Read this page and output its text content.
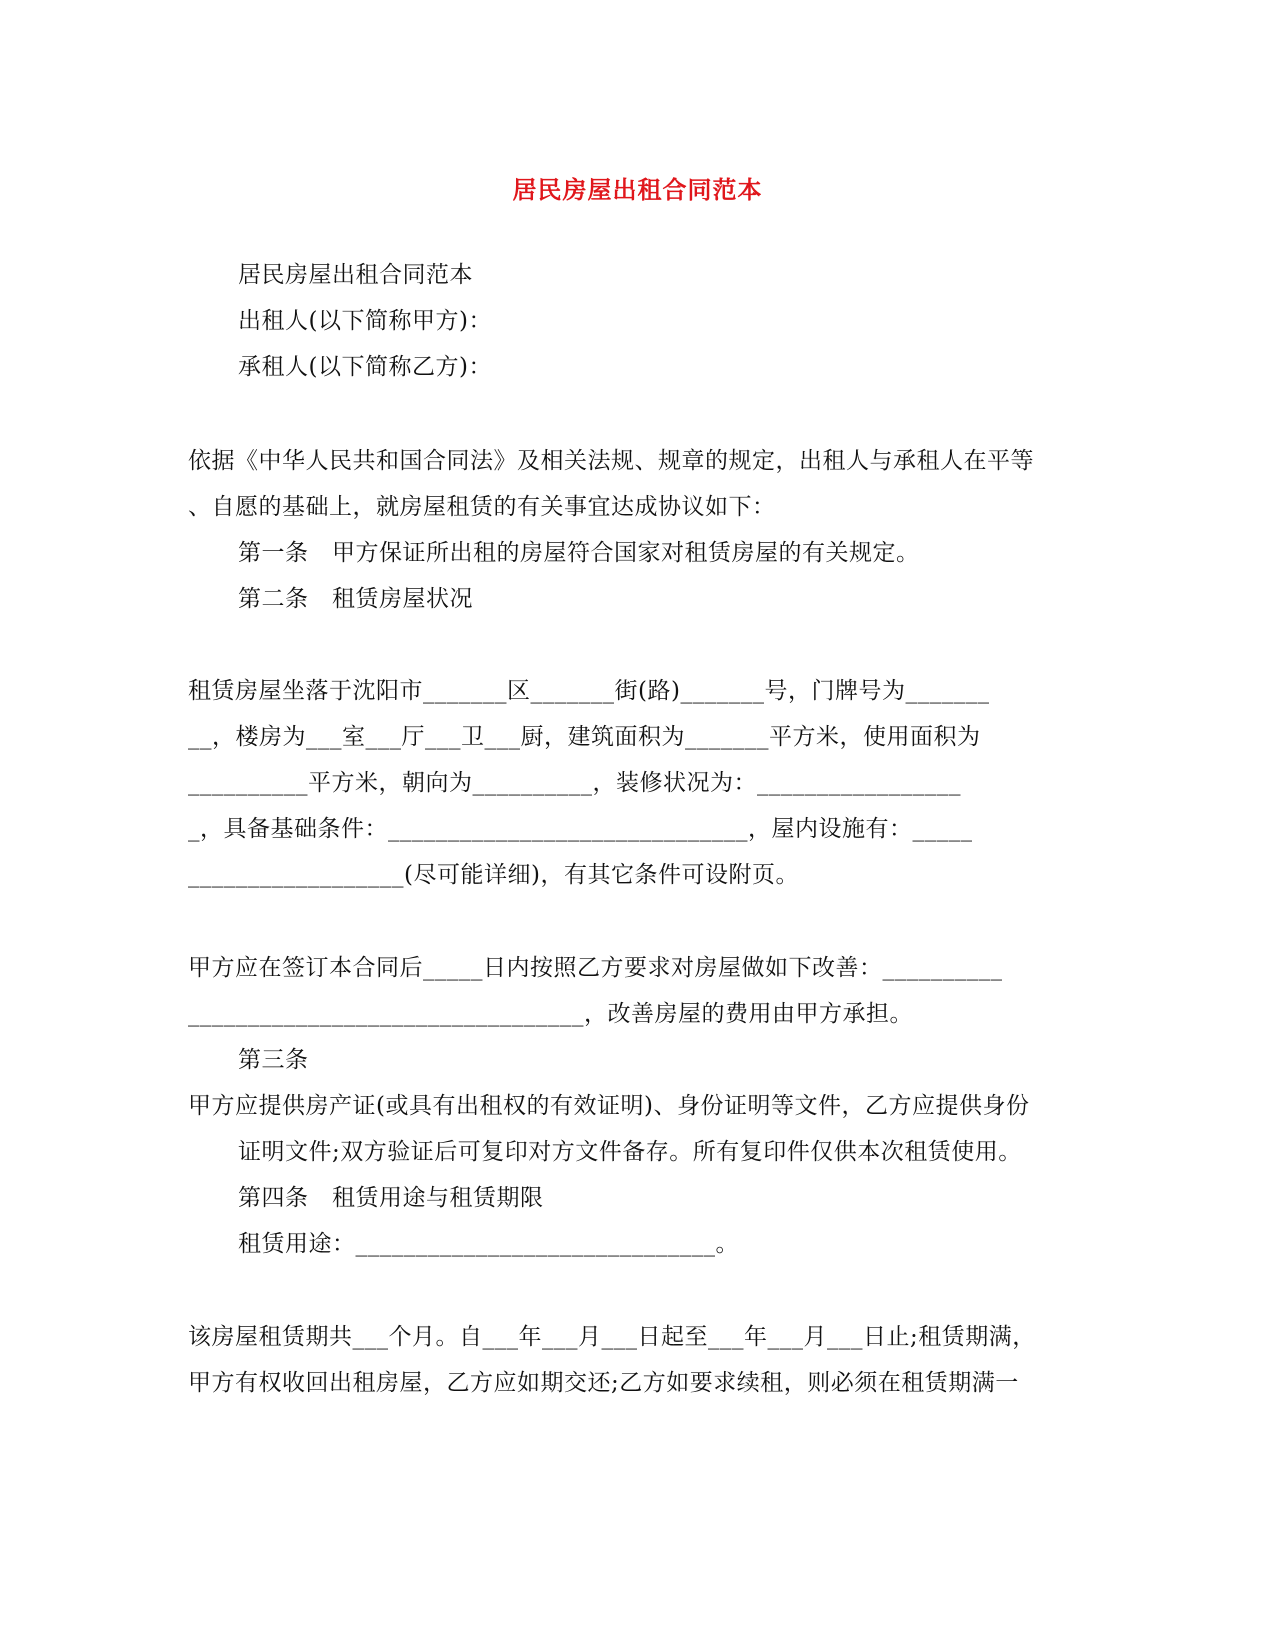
居民房屋出租合同范本
居民房屋出租合同范本
出租人(以下简称甲方)：
承租人(以下简称乙方)：
依据《中华人民共和国合同法》及相关法规、规章的规定，出租人与承租人在平等
、自愿的基础上，就房屋租赁的有关事宜达成协议如下：
第一条　甲方保证所出租的房屋符合国家对租赁房屋的有关规定。
第二条　租赁房屋状况
租赁房屋坐落于沈阳市_______区_______街(路)_______号，门牌号为_______
__，楼房为___室___厅___卫___厨，建筑面积为_______平方米，使用面积为
__________平方米，朝向为__________，装修状况为：_________________
_，具备基础条件：______________________________，屋内设施有：_____
__________________(尽可能详细)，有其它条件可设附页。
甲方应在签订本合同后_____日内按照乙方要求对房屋做如下改善：__________
_________________________________，改善房屋的费用由甲方承担。
第三条
甲方应提供房产证(或具有出租权的有效证明)、身份证明等文件，乙方应提供身份
证明文件;双方验证后可复印对方文件备存。所有复印件仅供本次租赁使用。
第四条　租赁用途与租赁期限
租赁用途：______________________________。
该房屋租赁期共___个月。自___年___月___日起至___年___月___日止;租赁期满，
甲方有权收回出租房屋，乙方应如期交还;乙方如要求续租，则必须在租赁期满一
